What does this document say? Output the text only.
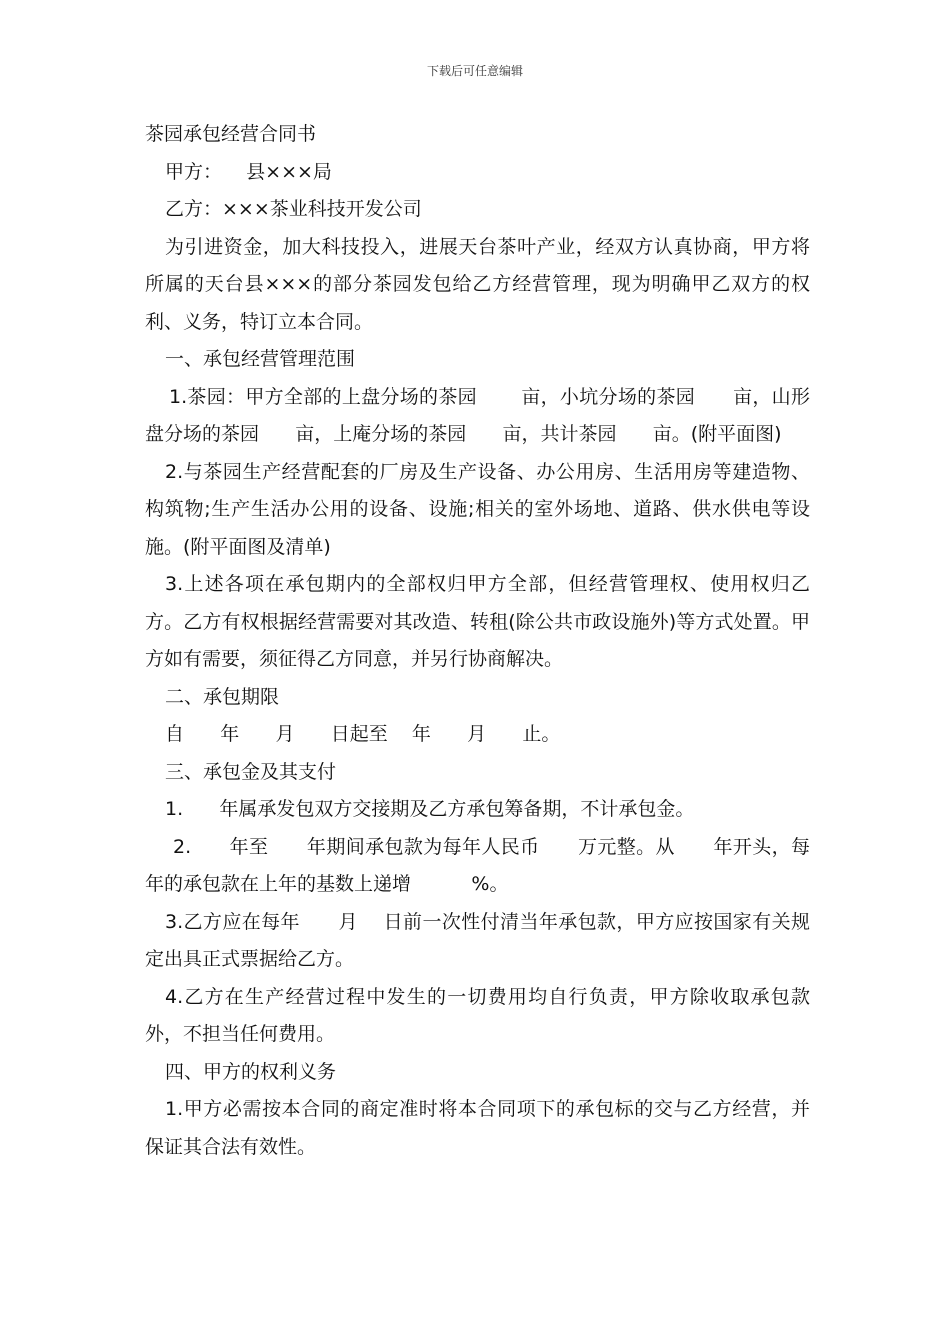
下载后可任意编辑

茶园承包经营合同书

甲方：    县×××局

乙方：×××茶业科技开发公司

为引进资金，加大科技投入，进展天台茶叶产业，经双方认真协商，甲方将所属的天台县×××的部分茶园发包给乙方经营管理，现为明确甲乙双方的权利、义务，特订立本合同。

一、承包经营管理范围

1.茶园：甲方全部的上盘分场的茶园       亩，小坑分场的茶园      亩，山形盘分场的茶园      亩，上庵分场的茶园      亩，共计茶园      亩。(附平面图)

2.与茶园生产经营配套的厂房及生产设备、办公用房、生活用房等建造物、构筑物;生产生活办公用的设备、设施;相关的室外场地、道路、供水供电等设施。(附平面图及清单)

3.上述各项在承包期内的全部权归甲方全部，但经营管理权、使用权归乙方。乙方有权根据经营需要对其改造、转租(除公共市政设施外)等方式处置。甲方如有需要，须征得乙方同意，并另行协商解决。

二、承包期限

自      年      月      日起至    年      月      止。

三、承包金及其支付

1.      年属承发包双方交接期及乙方承包筹备期，不计承包金。

2.      年至      年期间承包款为每年人民币      万元整。从      年开头，每年的承包款在上年的基数上递增          %。

3.乙方应在每年      月    日前一次性付清当年承包款，甲方应按国家有关规定出具正式票据给乙方。

4.乙方在生产经营过程中发生的一切费用均自行负责，甲方除收取承包款外，不担当任何费用。

四、甲方的权利义务

1.甲方必需按本合同的商定准时将本合同项下的承包标的交与乙方经营，并保证其合法有效性。
